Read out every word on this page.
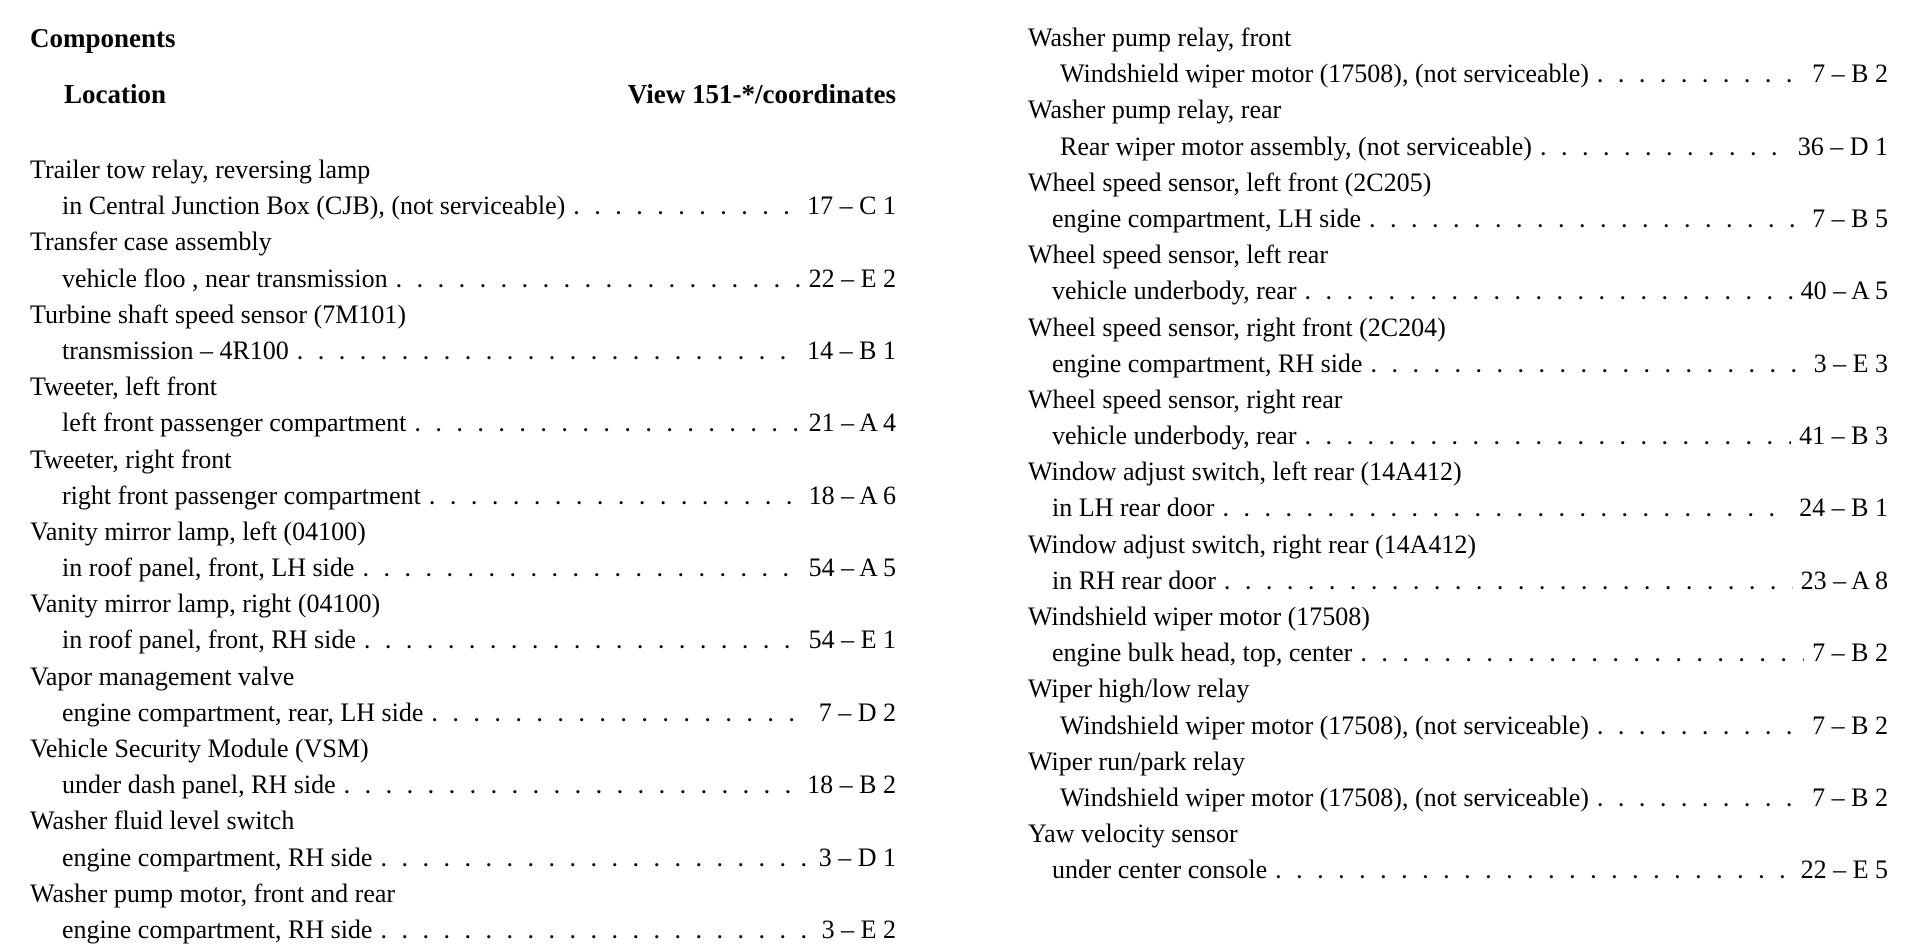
Components
Location	View 151-*/coordinates
Trailer tow relay, reversing lamp
in Central Junction Box (CJB), (not serviceable) . . .	17 – C 1
Transfer case assembly
vehicle floo , near transmission . . .	22 – E 2
Turbine shaft speed sensor (7M101)
transmission – 4R100 . . .	14 – B 1
Tweeter, left front
left front passenger compartment . . .	21 – A 4
Tweeter, right front
right front passenger compartment . . .	18 – A 6
Vanity mirror lamp, left (04100)
in roof panel, front, LH side . . .	54 – A 5
Vanity mirror lamp, right (04100)
in roof panel, front, RH side . . .	54 – E 1
Vapor management valve
engine compartment, rear, LH side . . .	7 – D 2
Vehicle Security Module (VSM)
under dash panel, RH side . . .	18 – B 2
Washer fluid level switch
engine compartment, RH side . . .	3 – D 1
Washer pump motor, front and rear
engine compartment, RH side . . .	3 – E 2
Washer pump relay, front
Windshield wiper motor (17508), (not serviceable) . . .	7 – B 2
Washer pump relay, rear
Rear wiper motor assembly, (not serviceable) . . .	36 – D 1
Wheel speed sensor, left front (2C205)
engine compartment, LH side . . .	7 – B 5
Wheel speed sensor, left rear
vehicle underbody, rear . . .	40 – A 5
Wheel speed sensor, right front (2C204)
engine compartment, RH side . . .	3 – E 3
Wheel speed sensor, right rear
vehicle underbody, rear . . .	41 – B 3
Window adjust switch, left rear (14A412)
in LH rear door . . .	24 – B 1
Window adjust switch, right rear (14A412)
in RH rear door . . .	23 – A 8
Windshield wiper motor (17508)
engine bulk head, top, center . . .	7 – B 2
Wiper high/low relay
Windshield wiper motor (17508), (not serviceable) . . .	7 – B 2
Wiper run/park relay
Windshield wiper motor (17508), (not serviceable) . . .	7 – B 2
Yaw velocity sensor
under center console . . .	22 – E 5
